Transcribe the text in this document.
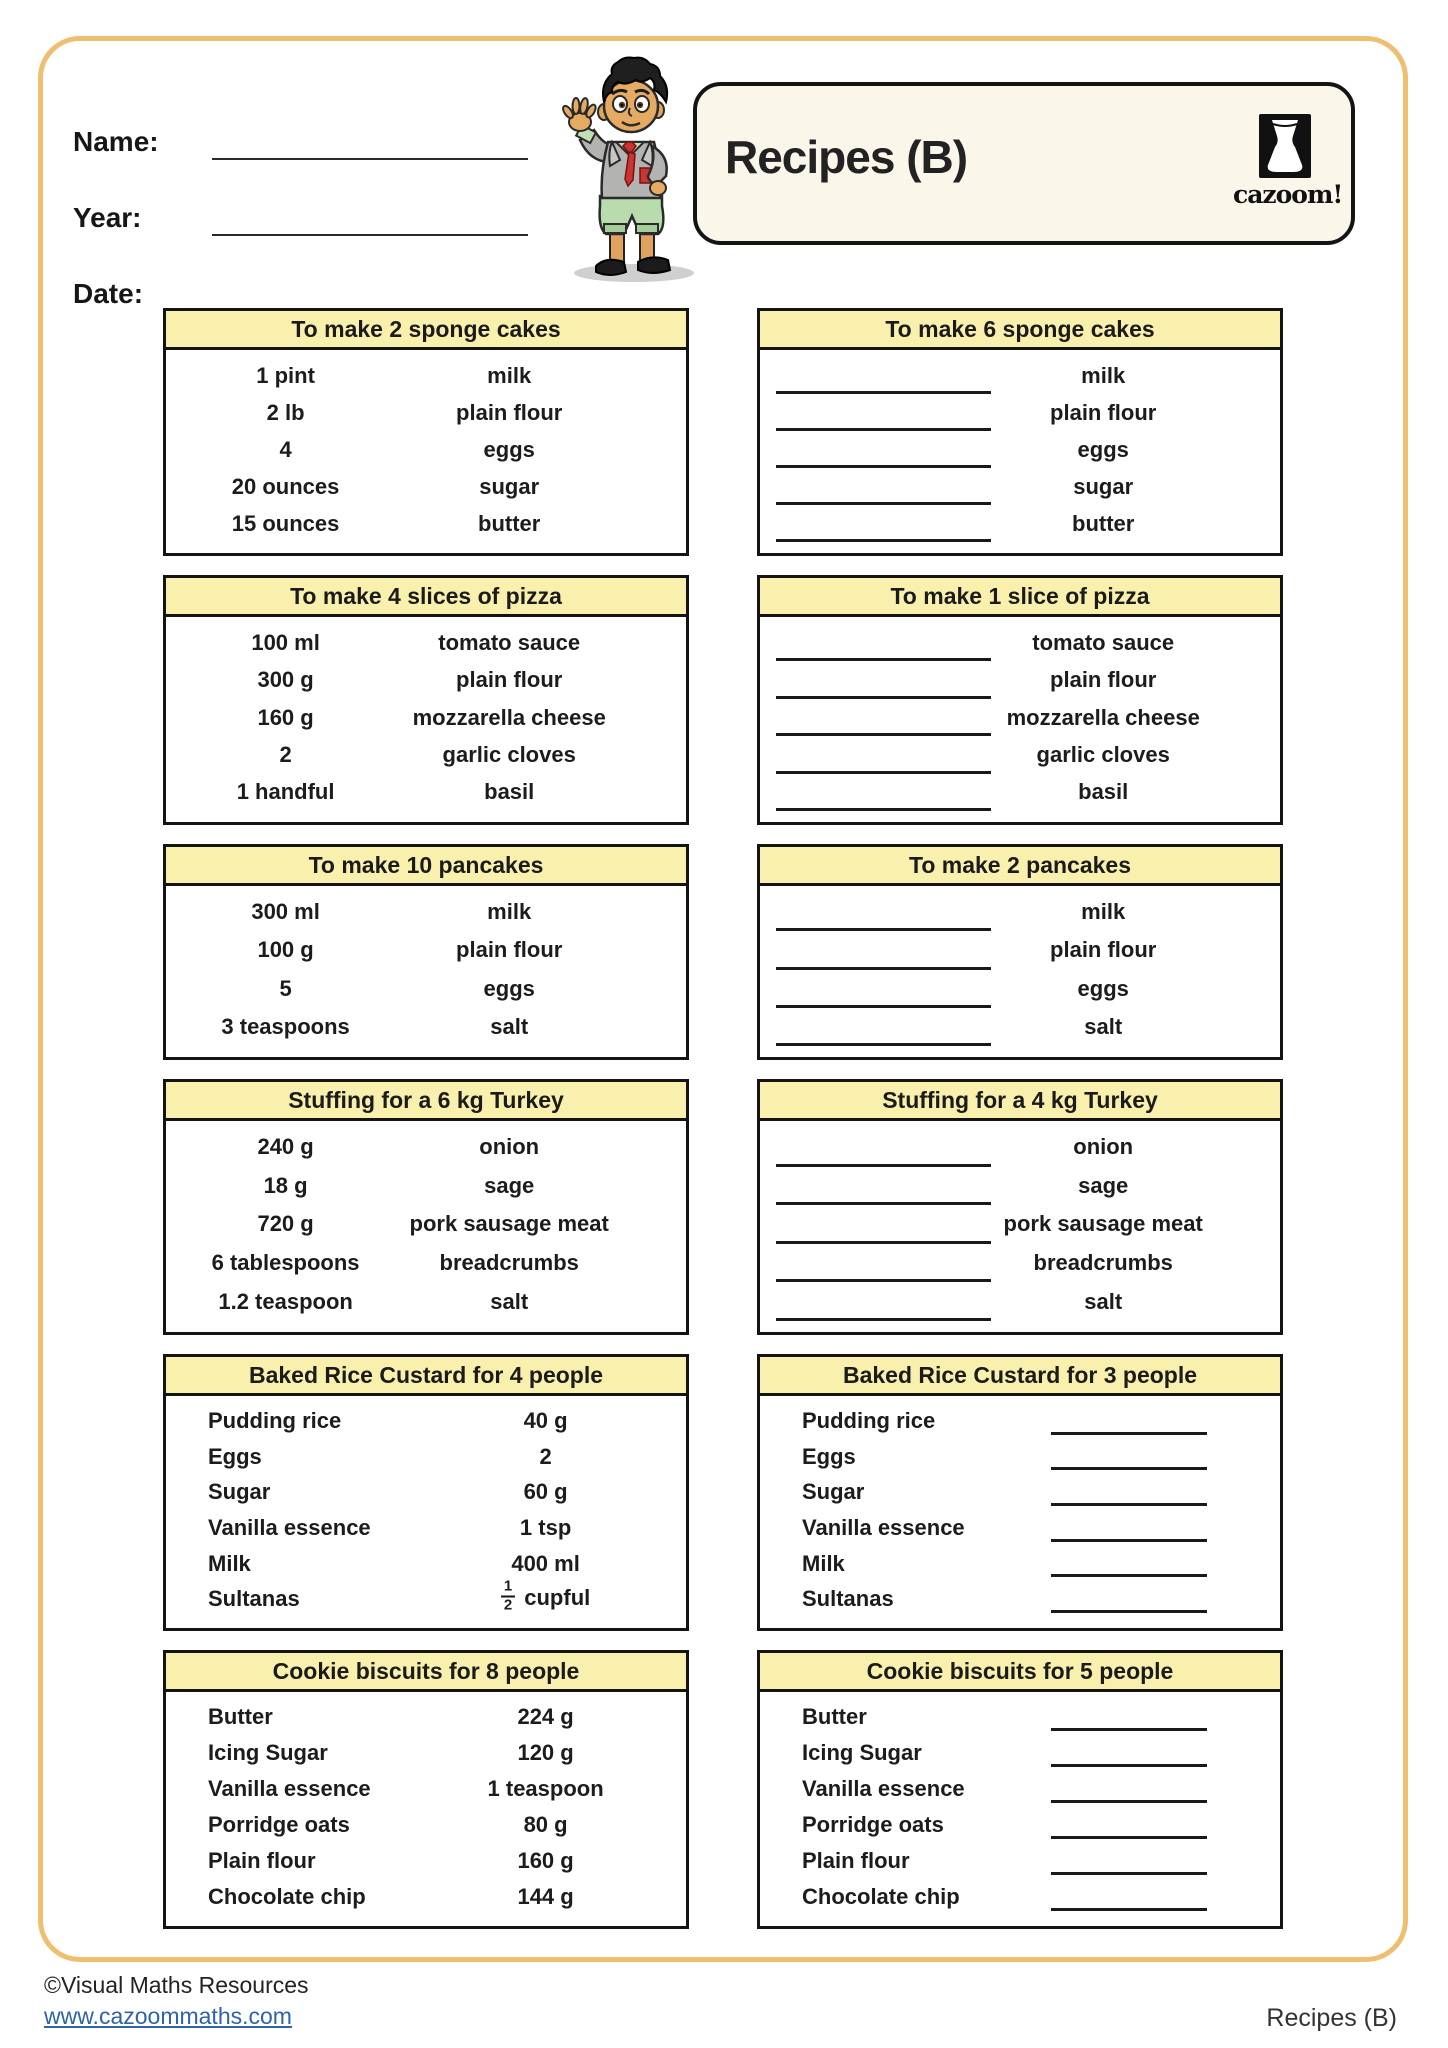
Name:
Year:
Date:
Recipes (B)
cazoom!
To make 2 sponge cakes
1 pint	milk
2 lb	plain flour
4	eggs
20 ounces	sugar
15 ounces	butter
To make 6 sponge cakes
milk
plain flour
eggs
sugar
butter
To make 4 slices of pizza
100 ml	tomato sauce
300 g	plain flour
160 g	mozzarella cheese
2	garlic cloves
1 handful	basil
To make 1 slice of pizza
tomato sauce
plain flour
mozzarella cheese
garlic cloves
basil
To make 10 pancakes
300 ml	milk
100 g	plain flour
5	eggs
3 teaspoons	salt
To make 2 pancakes
milk
plain flour
eggs
salt
Stuffing for a 6 kg Turkey
240 g	onion
18 g	sage
720 g	pork sausage meat
6 tablespoons	breadcrumbs
1.2 teaspoon	salt
Stuffing for a 4 kg Turkey
onion
sage
pork sausage meat
breadcrumbs
salt
Baked Rice Custard for 4 people
Pudding rice	40 g
Eggs	2
Sugar	60 g
Vanilla essence	1 tsp
Milk	400 ml
Sultanas	$\frac{1}{2}$ cupful
Baked Rice Custard for 3 people
Pudding rice
Eggs
Sugar
Vanilla essence
Milk
Sultanas
Cookie biscuits for 8 people
Butter	224 g
Icing Sugar	120 g
Vanilla essence	1 teaspoon
Porridge oats	80 g
Plain flour	160 g
Chocolate chip	144 g
Cookie biscuits for 5 people
Butter
Icing Sugar
Vanilla essence
Porridge oats
Plain flour
Chocolate chip
©Visual Maths Resources
www.cazoommaths.com	Recipes (B)
